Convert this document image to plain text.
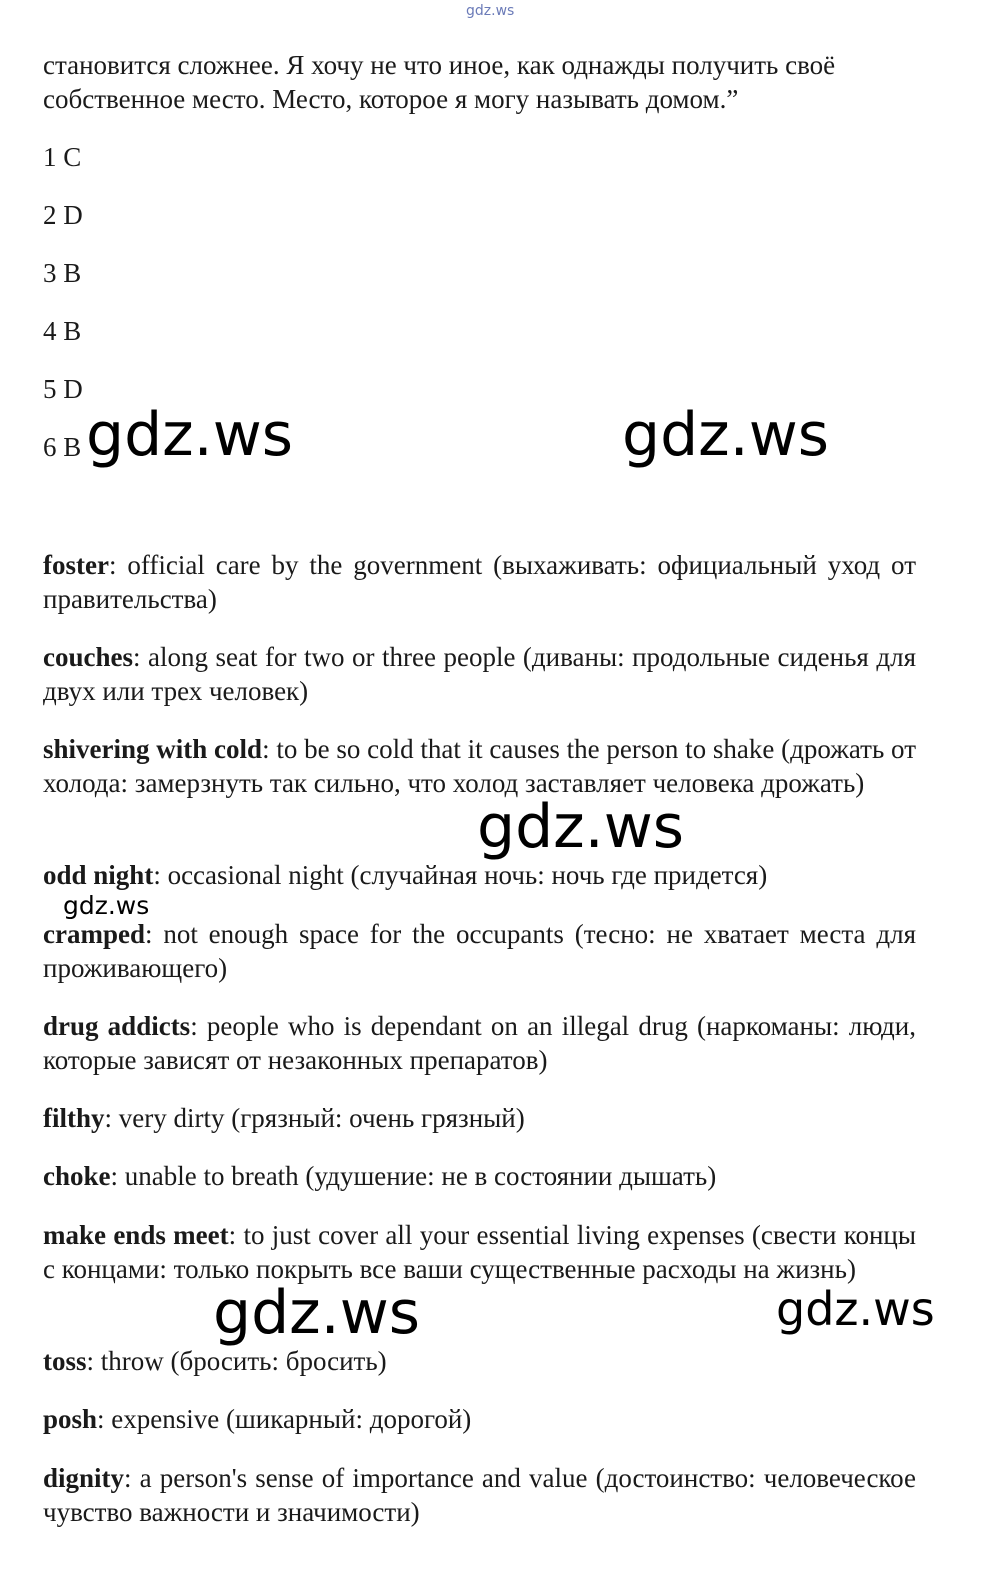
gdz.ws

становится сложнее. Я хочу не что иное, как однажды получить своё собственное место. Место, которое я могу называть домом.”

1 C

2 D

3 B

4 B

5 D

6 B

foster: official care by the government (выхаживать: официальный уход от правительства)

couches: along seat for two or three people (диваны: продольные сиденья для двух или трех человек)

shivering with cold: to be so cold that it causes the person to shake (дрожать от холода: замерзнуть так сильно, что холод заставляет человека дрожать)

odd night: occasional night (случайная ночь: ночь где придется)

cramped: not enough space for the occupants (тесно: не хватает места для проживающего)

drug addicts: people who is dependant on an illegal drug (наркоманы: люди, которые зависят от незаконных препаратов)

filthy: very dirty (грязный: очень грязный)

choke: unable to breath (удушение: не в состоянии дышать)

make ends meet: to just cover all your essential living expenses (свести концы с концами: только покрыть все ваши существенные расходы на жизнь)

toss: throw (бросить: бросить)

posh: expensive (шикарный: дорогой)

dignity: a person's sense of importance and value (достоинство: человеческое чувство важности и значимости)

gdz.ws	gdz.ws
gdz.ws
gdz.ws
gdz.ws	gdz.ws
